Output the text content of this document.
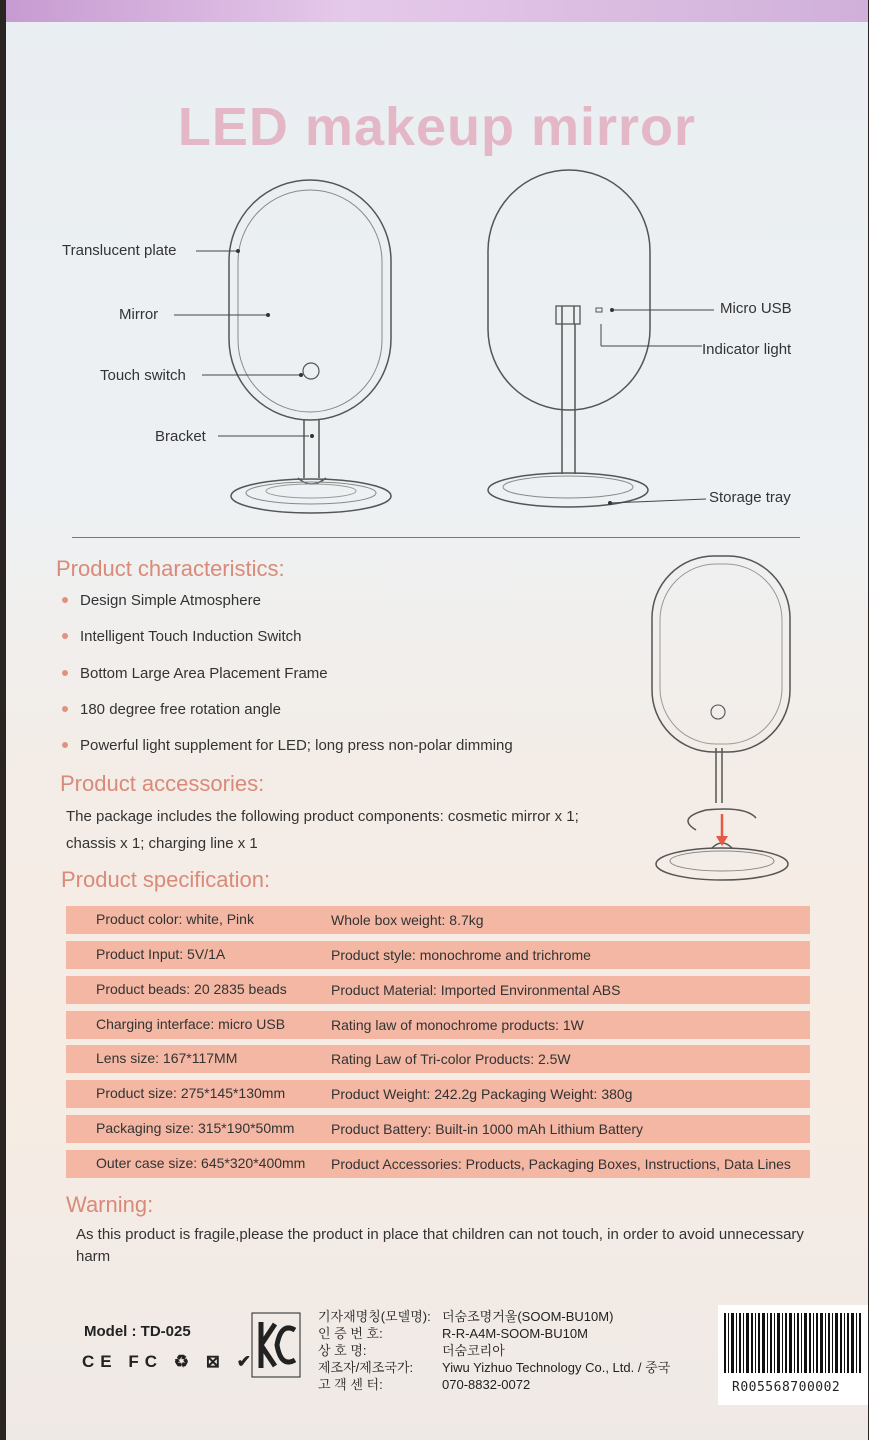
LED makeup mirror
Translucent plate
Mirror
Touch switch
Bracket
Micro USB
Indicator light
Storage tray
Product characteristics:
Design Simple Atmosphere
Intelligent Touch Induction Switch
Bottom Large Area Placement Frame
180 degree free rotation angle
Powerful light supplement for LED; long press non-polar dimming
Product accessories:
The package includes the following product components: cosmetic mirror x 1; chassis x 1; charging line x 1
Product specification:
Product color: white, Pink	Whole box weight: 8.7kg
Product Input: 5V/1A	Product style: monochrome and trichrome
Product beads: 20 2835 beads	Product Material: Imported Environmental ABS
Charging interface: micro USB	Rating law of monochrome products: 1W
Lens size: 167*117MM	Rating Law of Tri-color Products: 2.5W
Product size: 275*145*130mm	Product Weight: 242.2g Packaging Weight: 380g
Packaging size: 315*190*50mm	Product Battery: Built-in 1000 mAh Lithium Battery
Outer case size: 645*320*400mm Product Accessories: Products, Packaging Boxes, Instructions, Data Lines
Warning:
As this product is fragile,please the product in place that children can not touch, in order to avoid unnecessary harm
Model : TD-025
CE FC ♻ ⊠ ✔
기자재명칭(모델명): 더숨조명거울(SOOM-BU10M)
인 증 번 호:	R-R-A4M-SOOM-BU10M
상 호 명:	더숨코리아
제조자/제조국가: Yiwu Yizhuo Technology Co., Ltd. / 중국
고 객 센 터:	070-8832-0072	R005568700002
